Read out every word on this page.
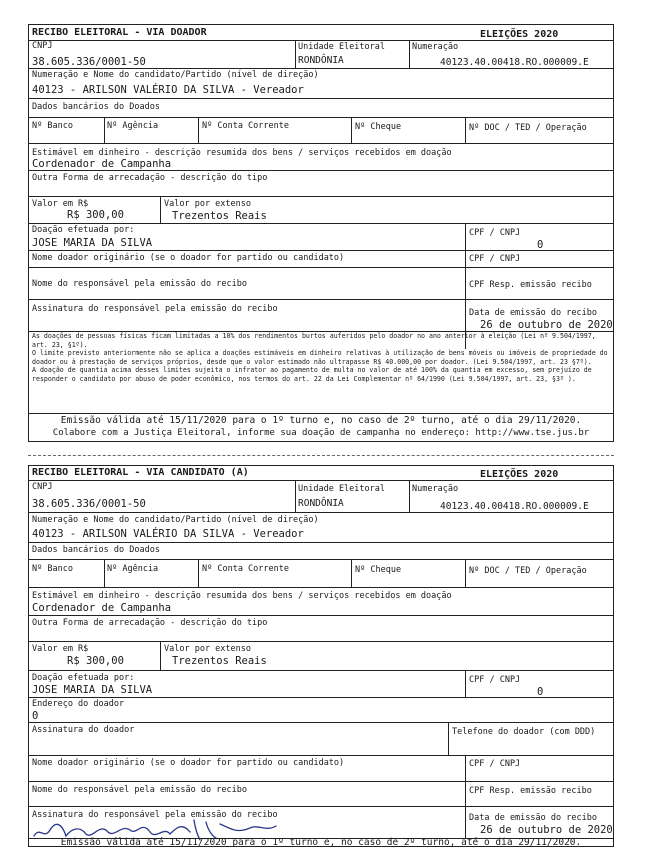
RECIBO ELEITORAL - VIA DOADOR	ELEIÇÕES 2020
CNPJ
38.605.336/0001-50
Unidade Eleitoral
RONDÔNIA
Numeração
40123.40.00418.RO.000009.E
Numeração e Nome do candidato/Partido (nível de direção)
40123 - ARILSON VALÉRIO DA SILVA - Vereador
Dados bancários do Doados
Nº Banco	Nº Agência	Nº Conta Corrente	Nº Cheque	Nº DOC / TED / Operação
Estimável em dinheiro - descrição resumida dos bens / serviços recebidos em doação
Cordenador de Campanha
Outra Forma de arrecadação - descrição do tipo
Valor em R$
R$ 300,00
Valor por extenso
Trezentos Reais
Doação efetuada por:
JOSE MARIA DA SILVA
CPF / CNPJ
0
Nome doador originário (se o doador for partido ou candidato)	CPF / CNPJ
Nome do responsável pela emissão do recibo	CPF Resp. emissão recibo
Assinatura do responsável pela emissão do recibo	Data de emissão do recibo
26 de outubro de 2020
As doações de pessoas físicas ficam limitadas a 10% dos rendimentos burtos auferidos pelo doador no ano anterior à eleição (Lei nº 9.504/1997, art. 23, §1º).
O limite previsto anteriormente não se aplica a doações estimáveis em dinheiro relativas à utilização de bens móveis ou imóveis de propriedade do doador ou à prestação de serviços próprios, desde que o valor estimado não ultrapasse R$ 40.000,00 por doador. (Lei 9.504/1997, art. 23 §7º).
A doação de quantia acima desses limites sujeita o infrator ao pagamento de multa no valor de até 100% da quantia em excesso, sem prejuízo de responder o candidato por abuso de poder econômico, nos termos do art. 22 da Lei Complementar nº 64/1990 (Lei 9.504/1997, art. 23, §3º ).
Emissão válida até 15/11/2020 para o 1º turno e, no caso de 2º turno, até o dia 29/11/2020.
Colabore com a Justiça Eleitoral, informe sua doação de campanha no endereço: http://www.tse.jus.br
RECIBO ELEITORAL - VIA CANDIDATO (A)	ELEIÇÕES 2020
CNPJ
38.605.336/0001-50
Unidade Eleitoral
RONDÔNIA
Numeração
40123.40.00418.RO.000009.E
Numeração e Nome do candidato/Partido (nível de direção)
40123 - ARILSON VALÉRIO DA SILVA - Vereador
Dados bancários do Doados
Nº Banco	Nº Agência	Nº Conta Corrente	Nº Cheque	Nº DOC / TED / Operação
Estimável em dinheiro - descrição resumida dos bens / serviços recebidos em doação
Cordenador de Campanha
Outra Forma de arrecadação - descrição do tipo
Valor em R$
R$ 300,00
Valor por extenso
Trezentos Reais
Doação efetuada por:
JOSE MARIA DA SILVA
CPF / CNPJ
0
Endereço do doador
0
Assinatura do doador	Telefone do doador (com DDD)
Nome doador originário (se o doador for partido ou candidato)	CPF / CNPJ
Nome do responsável pela emissão do recibo	CPF Resp. emissão recibo
Assinatura do responsável pela emissão do recibo	Data de emissão do recibo
26 de outubro de 2020
Emissão válida até 15/11/2020 para o 1º turno e, no caso de 2º turno, até o dia 29/11/2020.
